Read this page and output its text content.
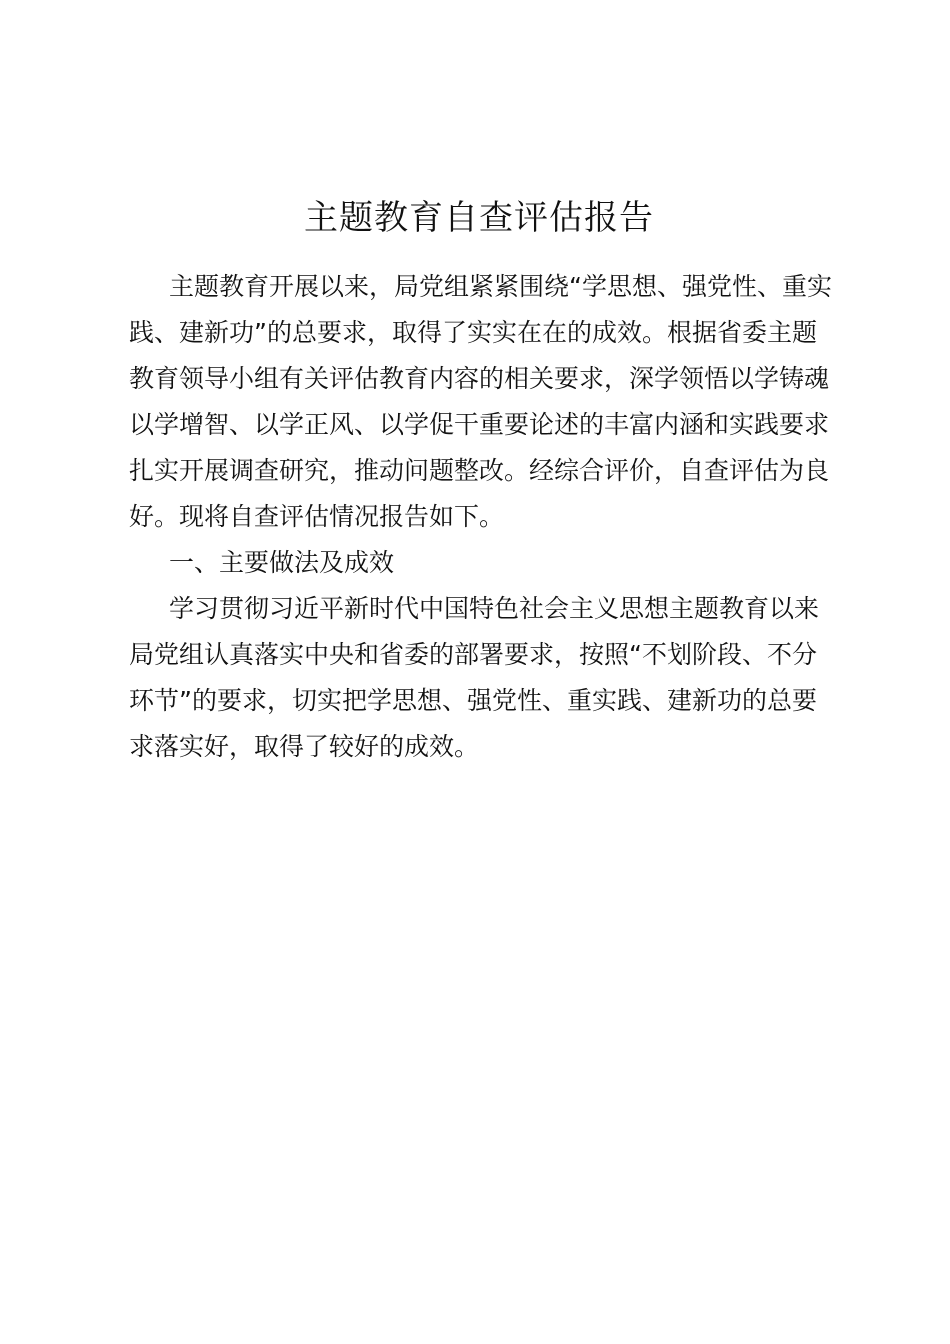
主题教育自查评估报告
主题教育开展以来，局党组紧紧围绕“学思想、强党性、重实
践、建新功”的总要求，取得了实实在在的成效。根据省委主题
教育领导小组有关评估教育内容的相关要求，深学领悟以学铸魂
以学增智、以学正风、以学促干重要论述的丰富内涵和实践要求
扎实开展调查研究，推动问题整改。经综合评价，自查评估为良
好。现将自查评估情况报告如下。
一、主要做法及成效
学习贯彻习近平新时代中国特色社会主义思想主题教育以来
局党组认真落实中央和省委的部署要求，按照“不划阶段、不分
环节”的要求，切实把学思想、强党性、重实践、建新功的总要
求落实好，取得了较好的成效。
